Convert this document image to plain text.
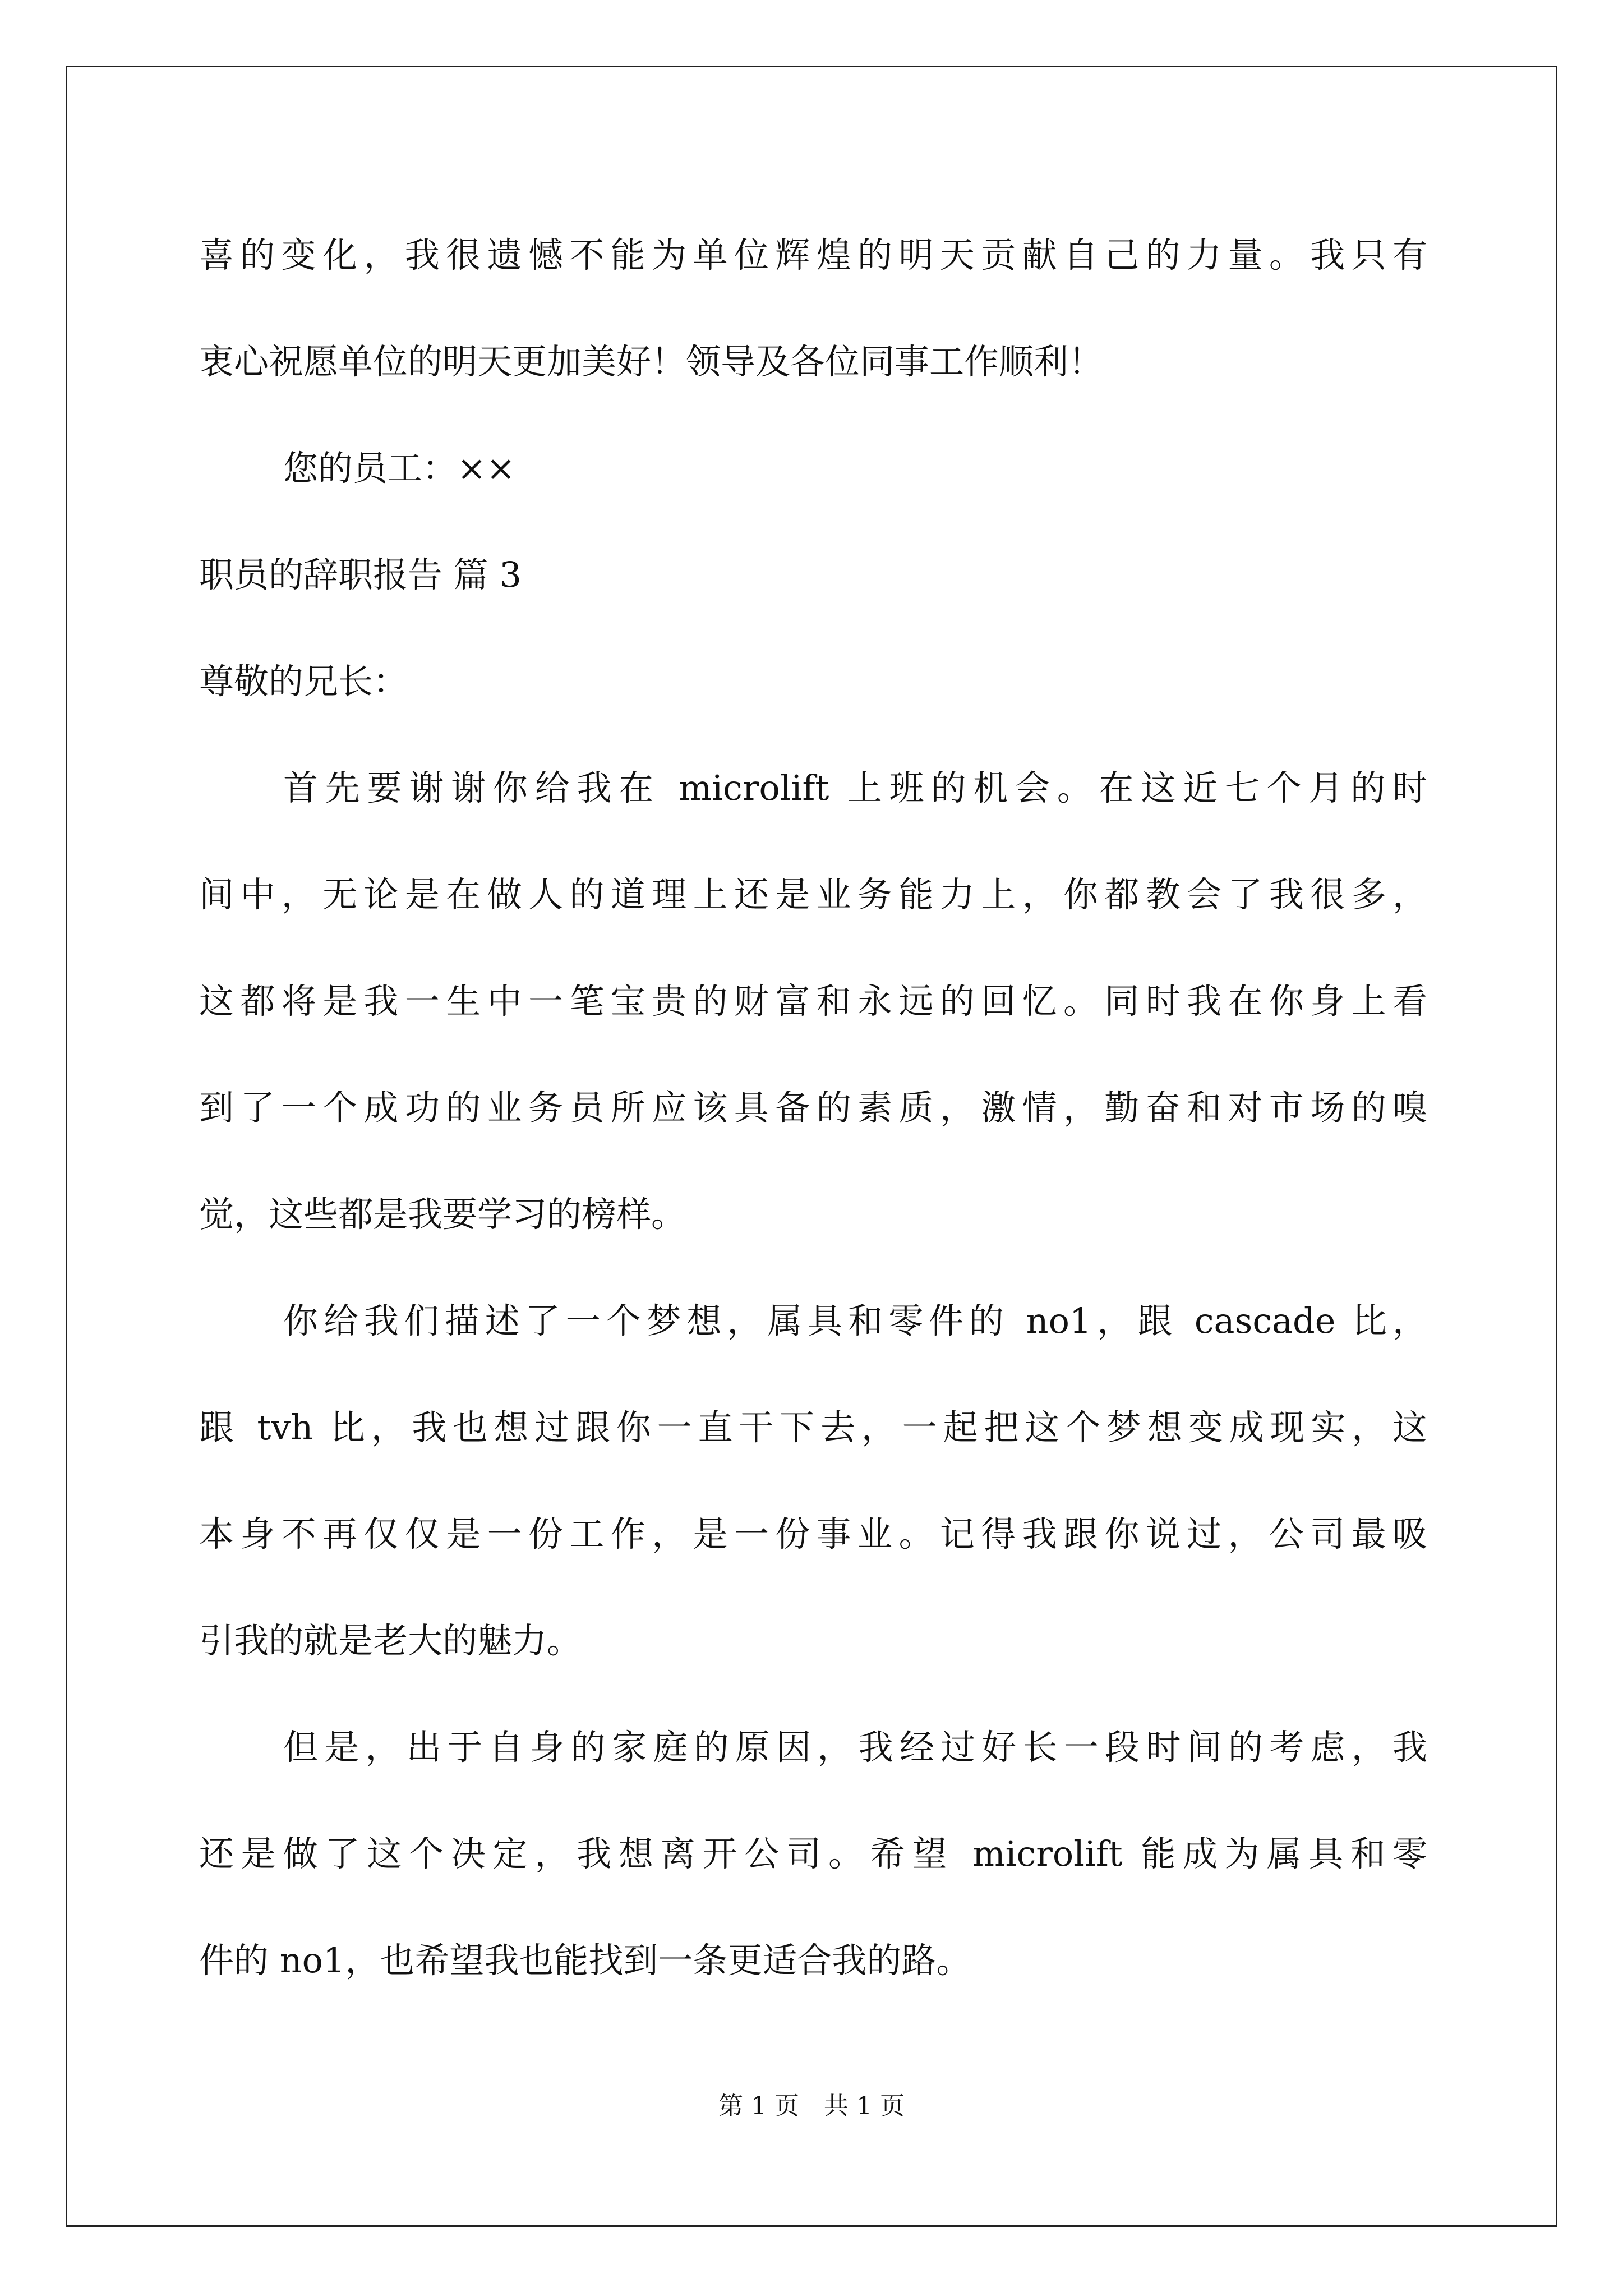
喜的变化，我很遗憾不能为单位辉煌的明天贡献自己的力量。我只有
衷心祝愿单位的明天更加美好！领导及各位同事工作顺利！
您的员工：××
职员的辞职报告 篇 3
尊敬的兄长：
首先要谢谢你给我在 microlift 上班的机会。在这近七个月的时
间中，无论是在做人的道理上还是业务能力上，你都教会了我很多，
这都将是我一生中一笔宝贵的财富和永远的回忆。同时我在你身上看
到了一个成功的业务员所应该具备的素质，激情，勤奋和对市场的嗅
觉，这些都是我要学习的榜样。
你给我们描述了一个梦想，属具和零件的 no1，跟 cascade 比，
跟 tvh 比，我也想过跟你一直干下去，一起把这个梦想变成现实，这
本身不再仅仅是一份工作，是一份事业。记得我跟你说过，公司最吸
引我的就是老大的魅力。
但是，出于自身的家庭的原因，我经过好长一段时间的考虑，我
还是做了这个决定，我想离开公司。希望 microlift 能成为属具和零
件的 no1，也希望我也能找到一条更适合我的路。
第 1 页　共 1 页
